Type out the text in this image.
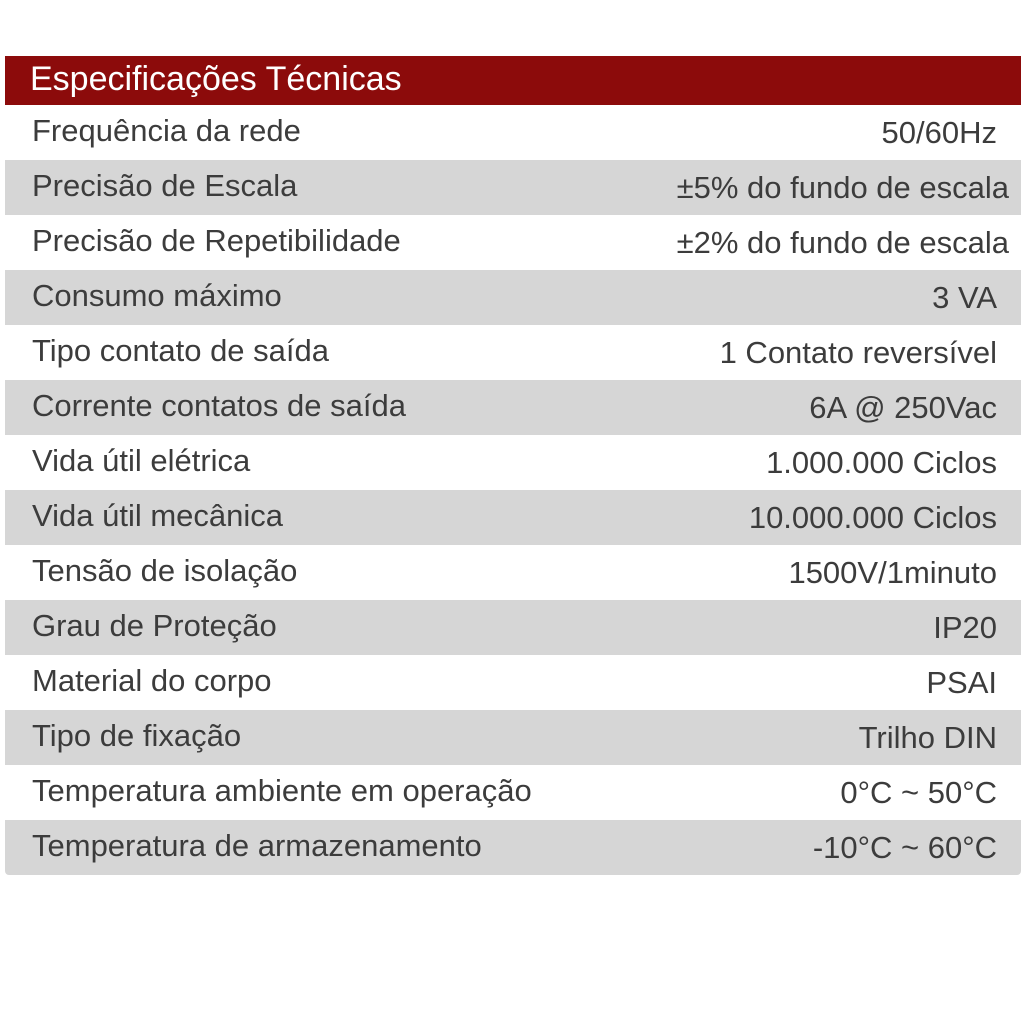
Especificações Técnicas
Frequência da rede	50/60Hz
Precisão de Escala	±5% do fundo de escala
Precisão de Repetibilidade	±2% do fundo de escala
Consumo máximo	3 VA
Tipo contato de saída	1 Contato reversível
Corrente contatos de saída	6A @ 250Vac
Vida útil elétrica	1.000.000 Ciclos
Vida útil mecânica	10.000.000 Ciclos
Tensão de isolação	1500V/1minuto
Grau de Proteção	IP20
Material do corpo	PSAI
Tipo de fixação	Trilho DIN
Temperatura ambiente em operação	0°C ~ 50°C
Temperatura de armazenamento	-10°C ~ 60°C
